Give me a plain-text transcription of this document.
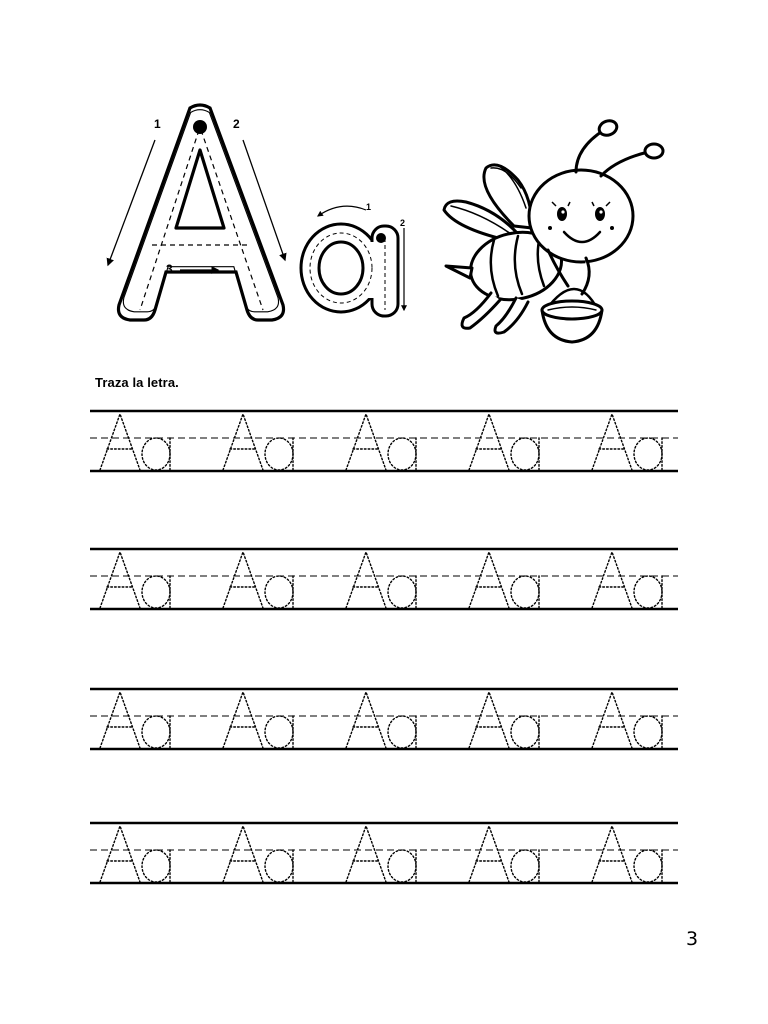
1	2
3
1
2
Traza la letra.
3
